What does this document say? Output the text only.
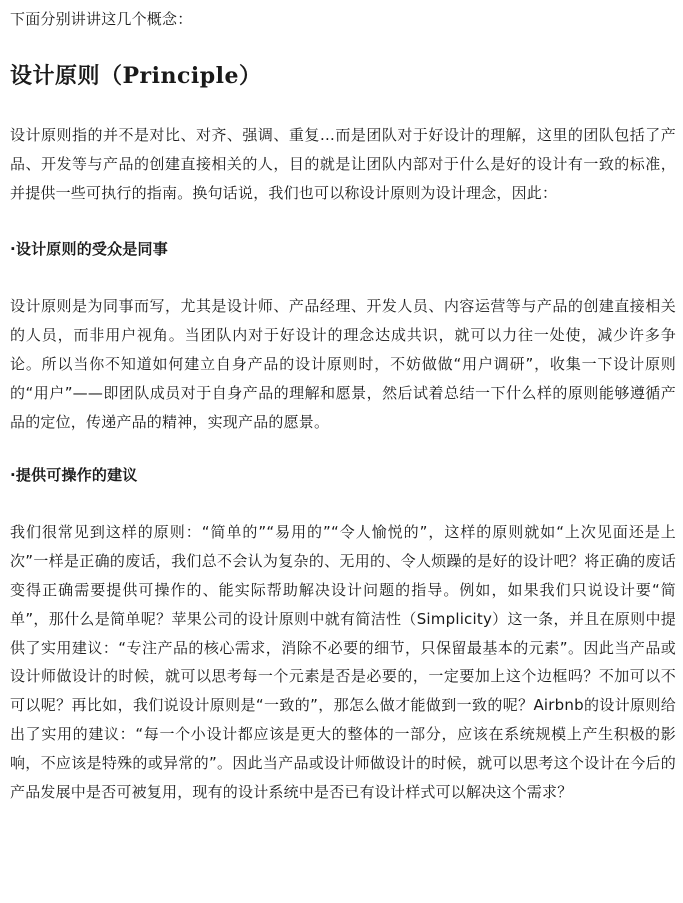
下面分别讲讲这几个概念：

设计原则（Principle）

设计原则指的并不是对比、对齐、强调、重复…而是团队对于好设计的理解，这里的团队包括了产品、开发等与产品的创建直接相关的人，目的就是让团队内部对于什么是好的设计有一致的标准，并提供一些可执行的指南。换句话说，我们也可以称设计原则为设计理念，因此：

·设计原则的受众是同事

设计原则是为同事而写，尤其是设计师、产品经理、开发人员、内容运营等与产品的创建直接相关的人员，而非用户视角。当团队内对于好设计的理念达成共识，就可以力往一处使，减少许多争论。所以当你不知道如何建立自身产品的设计原则时，不妨做做“用户调研”，收集一下设计原则的“用户”——即团队成员对于自身产品的理解和愿景，然后试着总结一下什么样的原则能够遵循产品的定位，传递产品的精神，实现产品的愿景。

·提供可操作的建议

我们很常见到这样的原则：“简单的”“易用的”“令人愉悦的”，这样的原则就如“上次见面还是上次”一样是正确的废话，我们总不会认为复杂的、无用的、令人烦躁的是好的设计吧？将正确的废话变得正确需要提供可操作的、能实际帮助解决设计问题的指导。例如，如果我们只说设计要“简单”，那什么是简单呢？苹果公司的设计原则中就有简洁性（Simplicity）这一条，并且在原则中提供了实用建议：“专注产品的核心需求，消除不必要的细节，只保留最基本的元素”。因此当产品或设计师做设计的时候，就可以思考每一个元素是否是必要的，一定要加上这个边框吗？不加可以不可以呢？再比如，我们说设计原则是“一致的”，那怎么做才能做到一致的呢？Airbnb的设计原则给出了实用的建议：“每一个小设计都应该是更大的整体的一部分，应该在系统规模上产生积极的影响，不应该是特殊的或异常的”。因此当产品或设计师做设计的时候，就可以思考这个设计在今后的产品发展中是否可被复用，现有的设计系统中是否已有设计样式可以解决这个需求？
